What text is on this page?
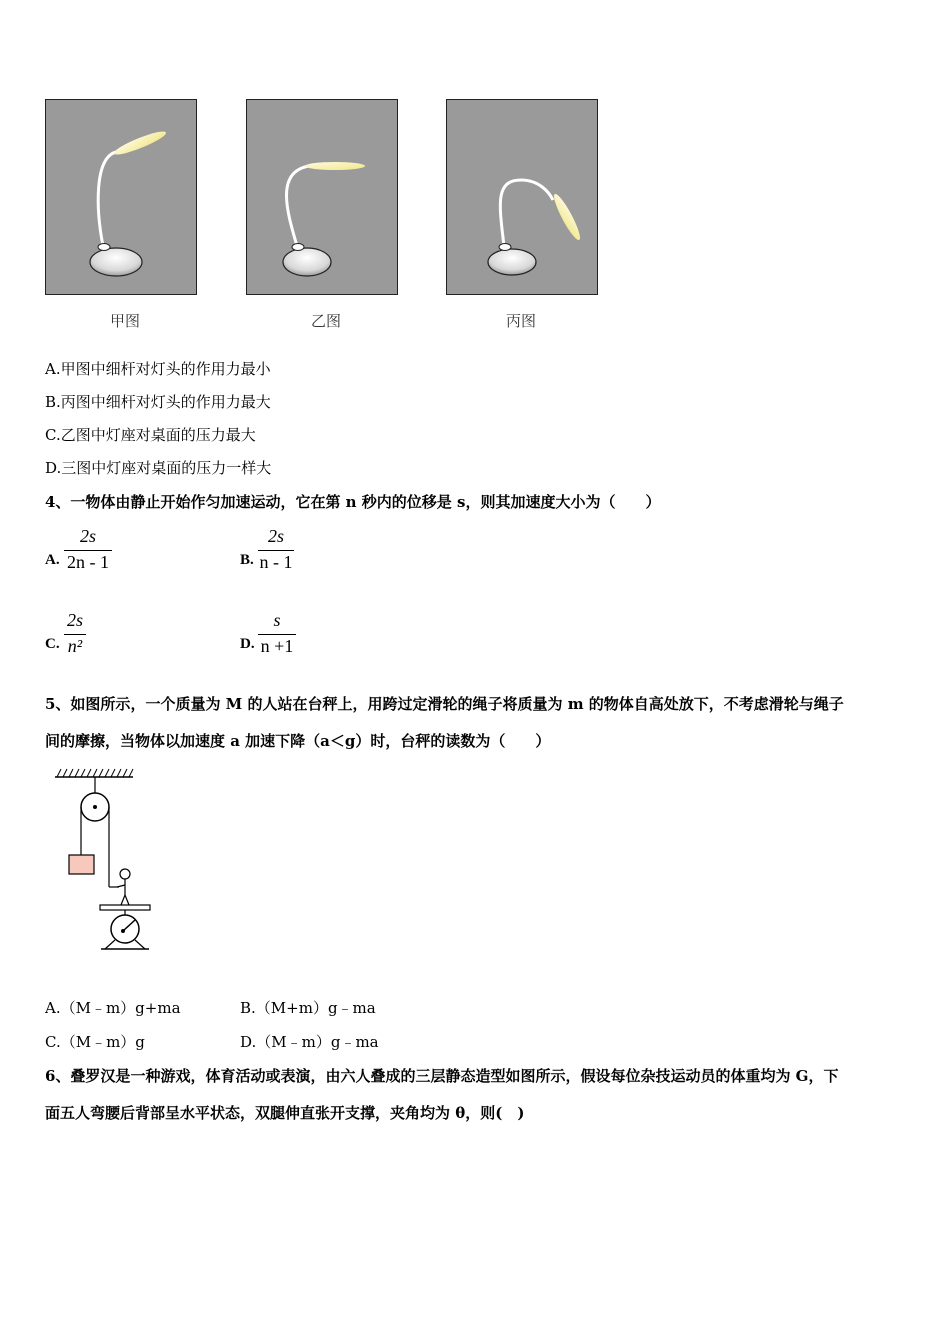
甲图	乙图	丙图
A.甲图中细杆对灯头的作用力最小
B.丙图中细杆对灯头的作用力最大
C.乙图中灯座对桌面的压力最大
D.三图中灯座对桌面的压力一样大
4、一物体由静止开始作匀加速运动，它在第 n 秒内的位移是 s，则其加速度大小为（　　）
A.
2s
2n - 1	B.
2s
n - 1
C.
2s
n²	D.
s
n +1
5、如图所示，一个质量为 M 的人站在台秤上，用跨过定滑轮的绳子将质量为 m 的物体自高处放下，不考虑滑轮与绳子
间的摩擦，当物体以加速度 a 加速下降（a＜g）时，台秤的读数为（　　）
A.（M﹣m）g+ma	B.（M+m）g﹣ma
C.（M﹣m）g	D.（M﹣m）g﹣ma
6、叠罗汉是一种游戏，体育活动或表演，由六人叠成的三层静态造型如图所示，假设每位杂技运动员的体重均为 G，下
面五人弯腰后背部呈水平状态，双腿伸直张开支撑，夹角均为 θ，则(　)
